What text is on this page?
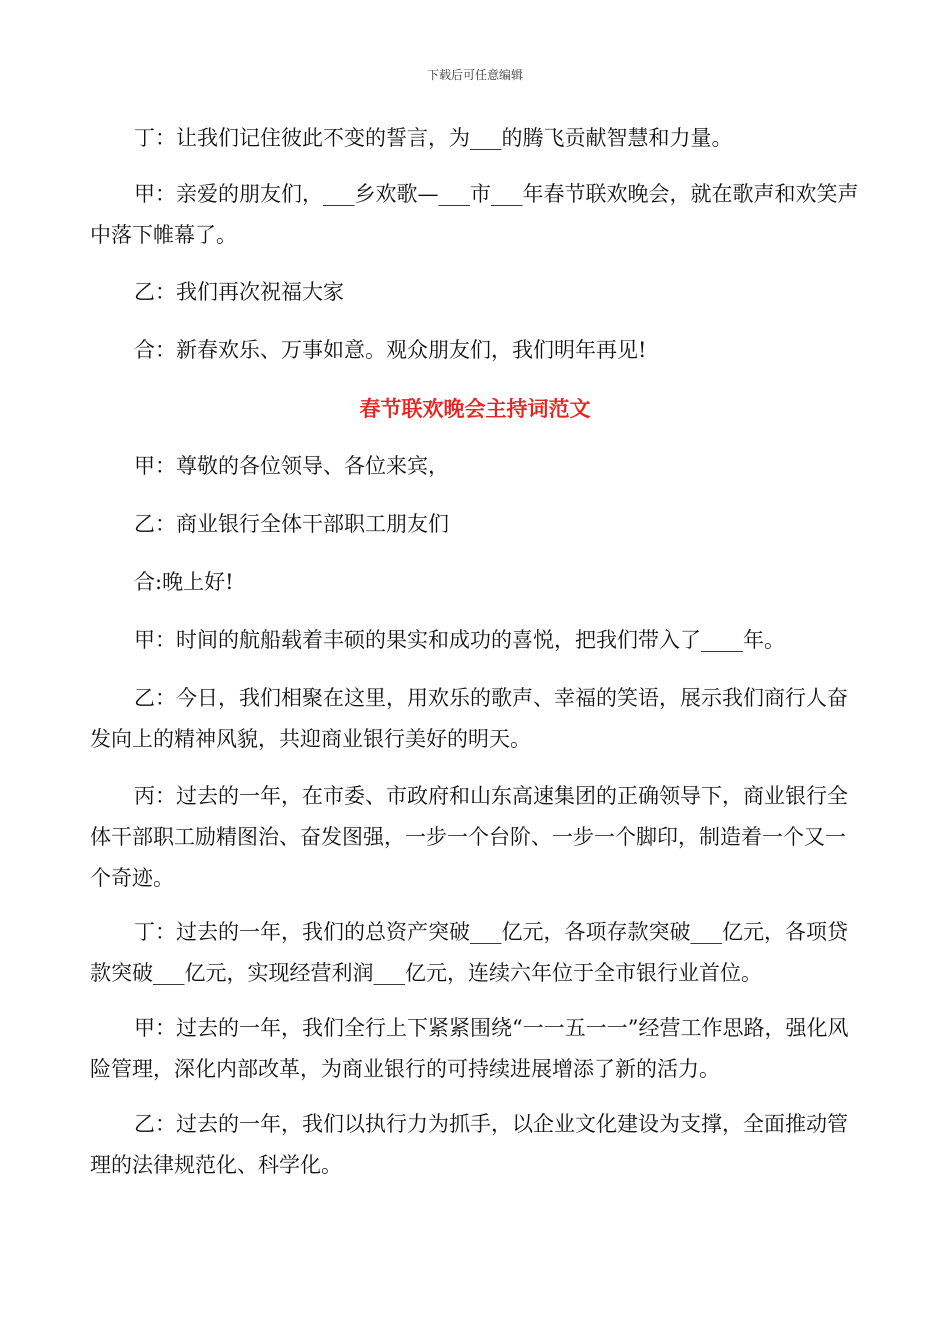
下载后可任意编辑

丁：让我们记住彼此不变的誓言，为___的腾飞贡献智慧和力量。

甲：亲爱的朋友们，___乡欢歌—___市___年春节联欢晚会，就在歌声和欢笑声中落下帷幕了。

乙：我们再次祝福大家

合：新春欢乐、万事如意。观众朋友们，我们明年再见!

春节联欢晚会主持词范文

甲：尊敬的各位领导、各位来宾，

乙：商业银行全体干部职工朋友们

合:晚上好!

甲：时间的航船载着丰硕的果实和成功的喜悦，把我们带入了____年。

乙：今日，我们相聚在这里，用欢乐的歌声、幸福的笑语，展示我们商行人奋发向上的精神风貌，共迎商业银行美好的明天。

丙：过去的一年，在市委、市政府和山东高速集团的正确领导下，商业银行全体干部职工励精图治、奋发图强，一步一个台阶、一步一个脚印，制造着一个又一个奇迹。

丁：过去的一年，我们的总资产突破___亿元，各项存款突破___亿元，各项贷款突破___亿元，实现经营利润___亿元，连续六年位于全市银行业首位。

甲：过去的一年，我们全行上下紧紧围绕“一一五一一”经营工作思路，强化风险管理，深化内部改革，为商业银行的可持续进展增添了新的活力。

乙：过去的一年，我们以执行力为抓手，以企业文化建设为支撑，全面推动管理的法律规范化、科学化。
